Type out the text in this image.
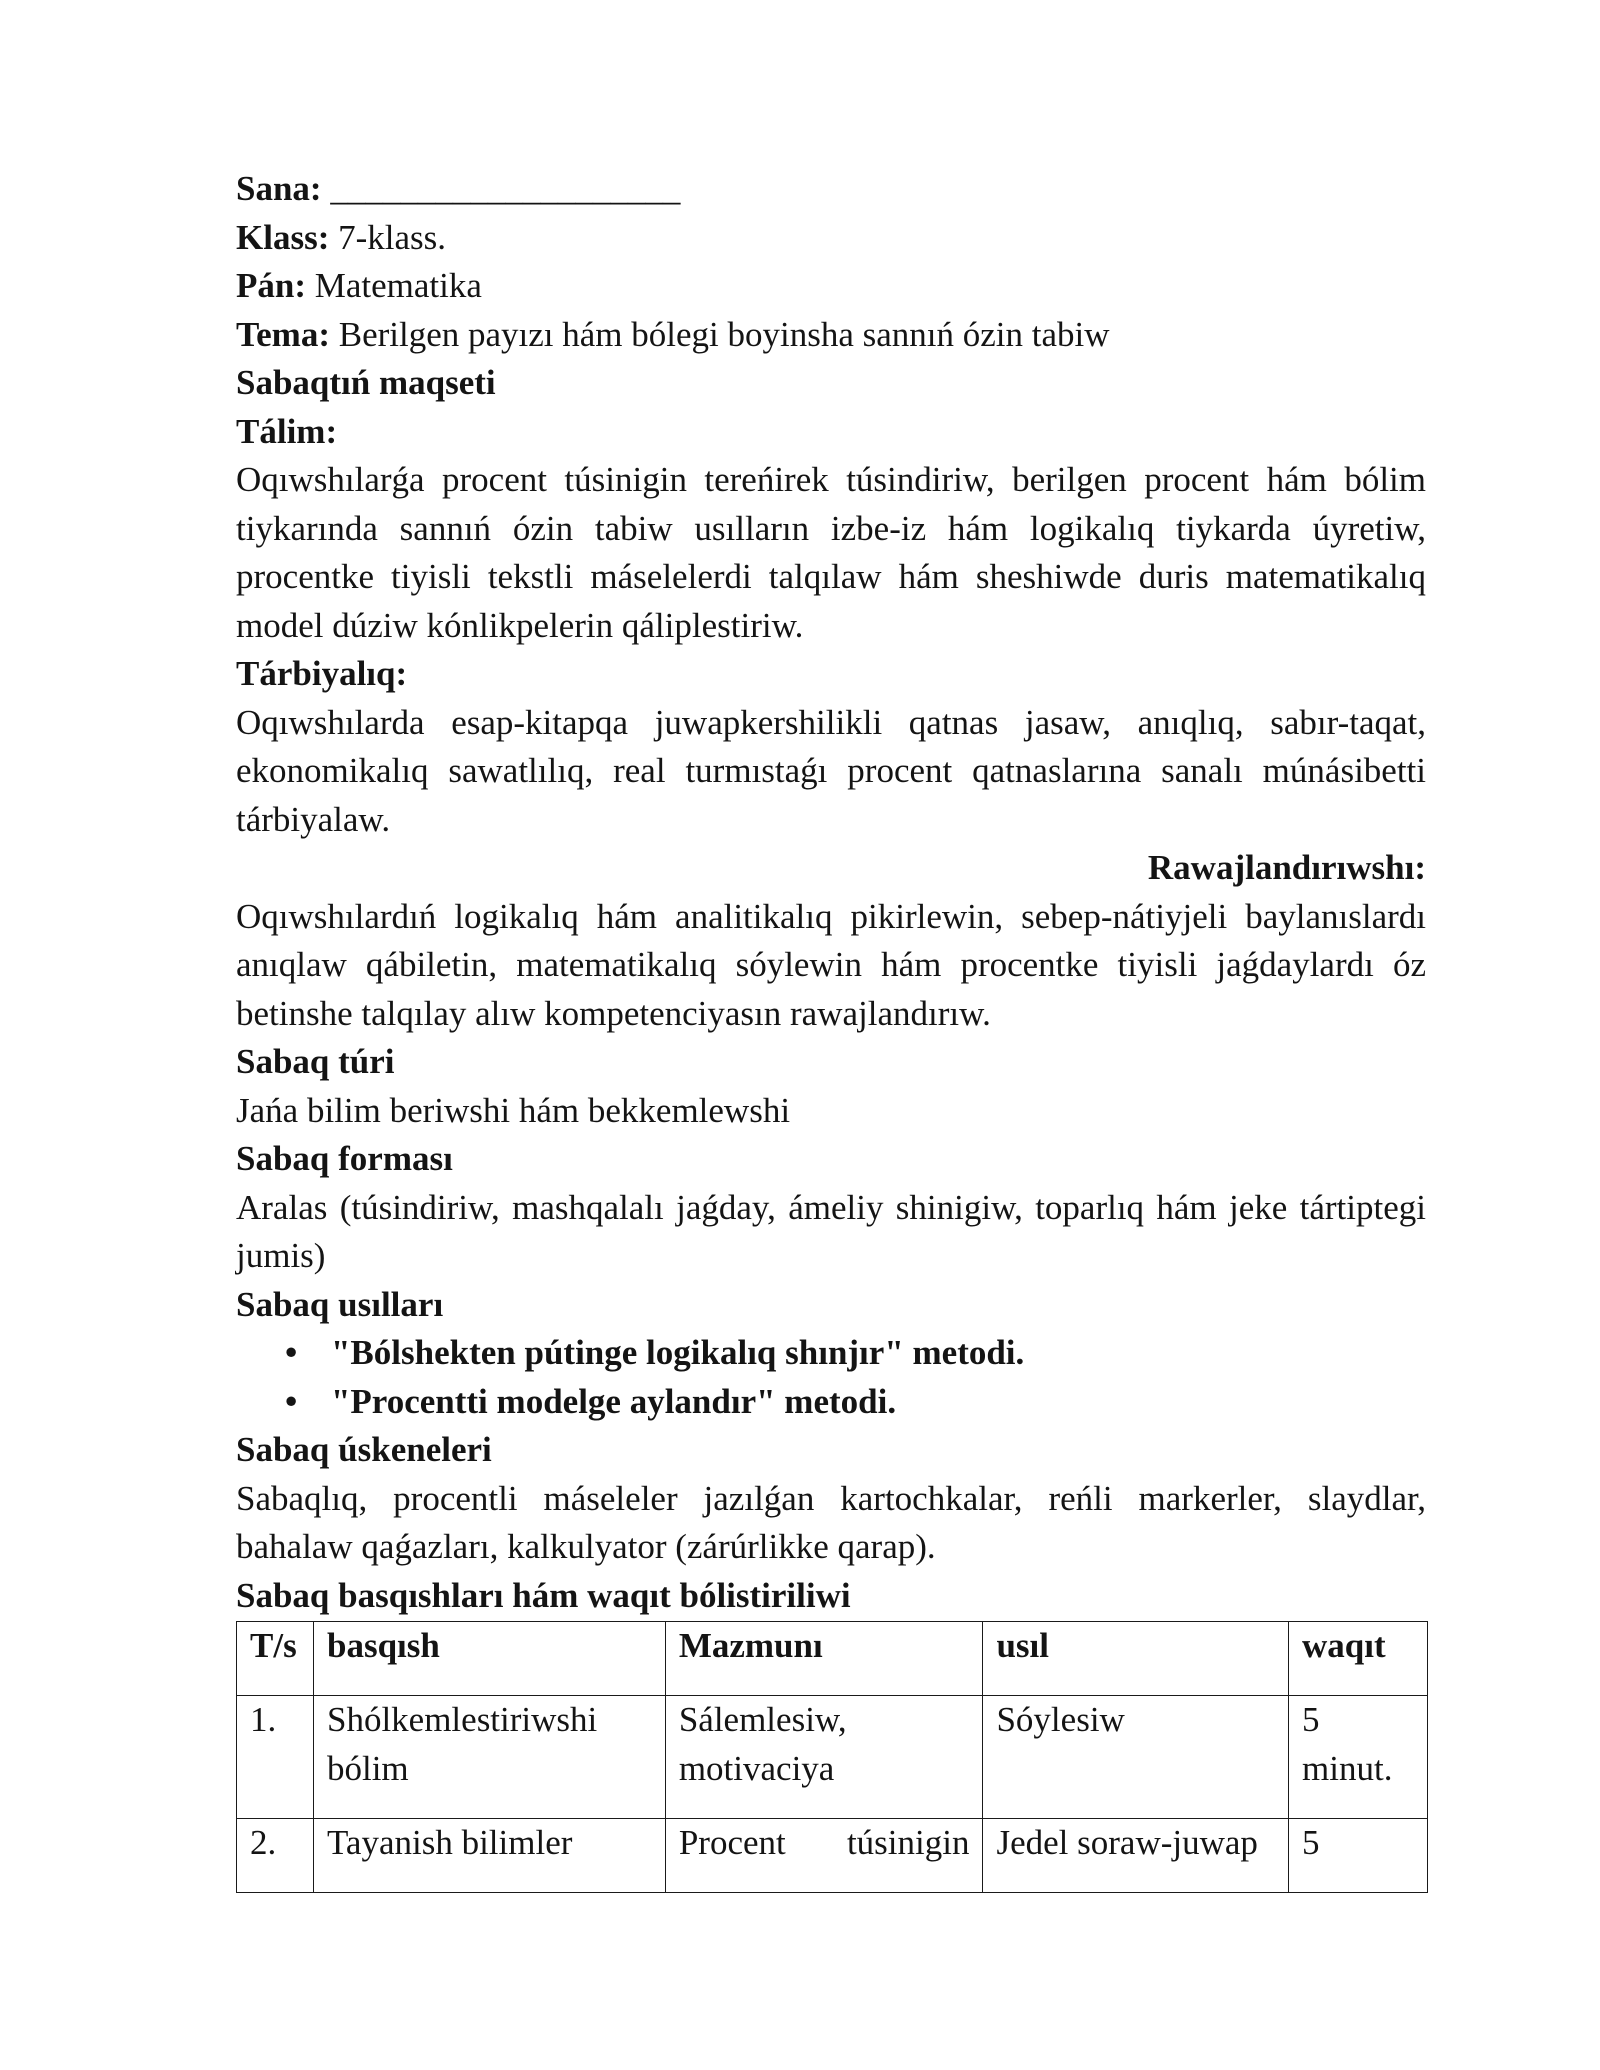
Sana: ____________________

Klass: 7-klass.

Pán: Matematika

Tema: Berilgen payızı hám bólegi boyinsha sannıń ózin tabiw

Sabaqtıń maqseti

Tálim:

Oqıwshılarǵa procent túsinigin tereńirek túsindiriw, berilgen procent hám bólim tiykarında sannıń ózin tabiw usılların izbe-iz hám logikalıq tiykarda úyretiw, procentke tiyisli tekstli máselelerdi talqılaw hám sheshiwde duris matematikalıq model dúziw kónlikpelerin qáliplestiriw.

Tárbiyalıq:

Oqıwshılarda esap-kitapqa juwapkershilikli qatnas jasaw, anıqlıq, sabır-taqat, ekonomikalıq sawatlılıq, real turmıstaǵı procent qatnaslarına sanalı múnásibetti tárbiyalaw.

Rawajlandırıwshı:

Oqıwshılardıń logikalıq hám analitikalıq pikirlewin, sebep-nátiyjeli baylanıslardı anıqlaw qábiletin, matematikalıq sóylewin hám procentke tiyisli jaǵdaylardı óz betinshe talqılay alıw kompetenciyasın rawajlandırıw.

Sabaq túri

Jańa bilim beriwshi hám bekkemlewshi

Sabaq forması

Aralas (túsindiriw, mashqalalı jaǵday, ámeliy shinigiw, toparlıq hám jeke tártiptegi jumis)

Sabaq usılları

• "Bólshekten pútinge logikalıq shınjır" metodi.
• "Procentti modelge aylandır" metodi.

Sabaq úskeneleri

Sabaqlıq, procentli máseleler jazılǵan kartochkalar, reńli markerler, slaydlar, bahalaw qaǵazları, kalkulyator (zárúrlikke qarap).

Sabaq basqıshları hám waqıt bólistiriliwi

T/s	basqısh	Mazmunı	usıl	waqıt
1.	Shólkemlestiriwshi bólim	Sálemlesiw, motivaciya	Sóylesiw	5 minut.
2.	Tayanish bilimler	Procent túsinigin	Jedel soraw-juwap	5
